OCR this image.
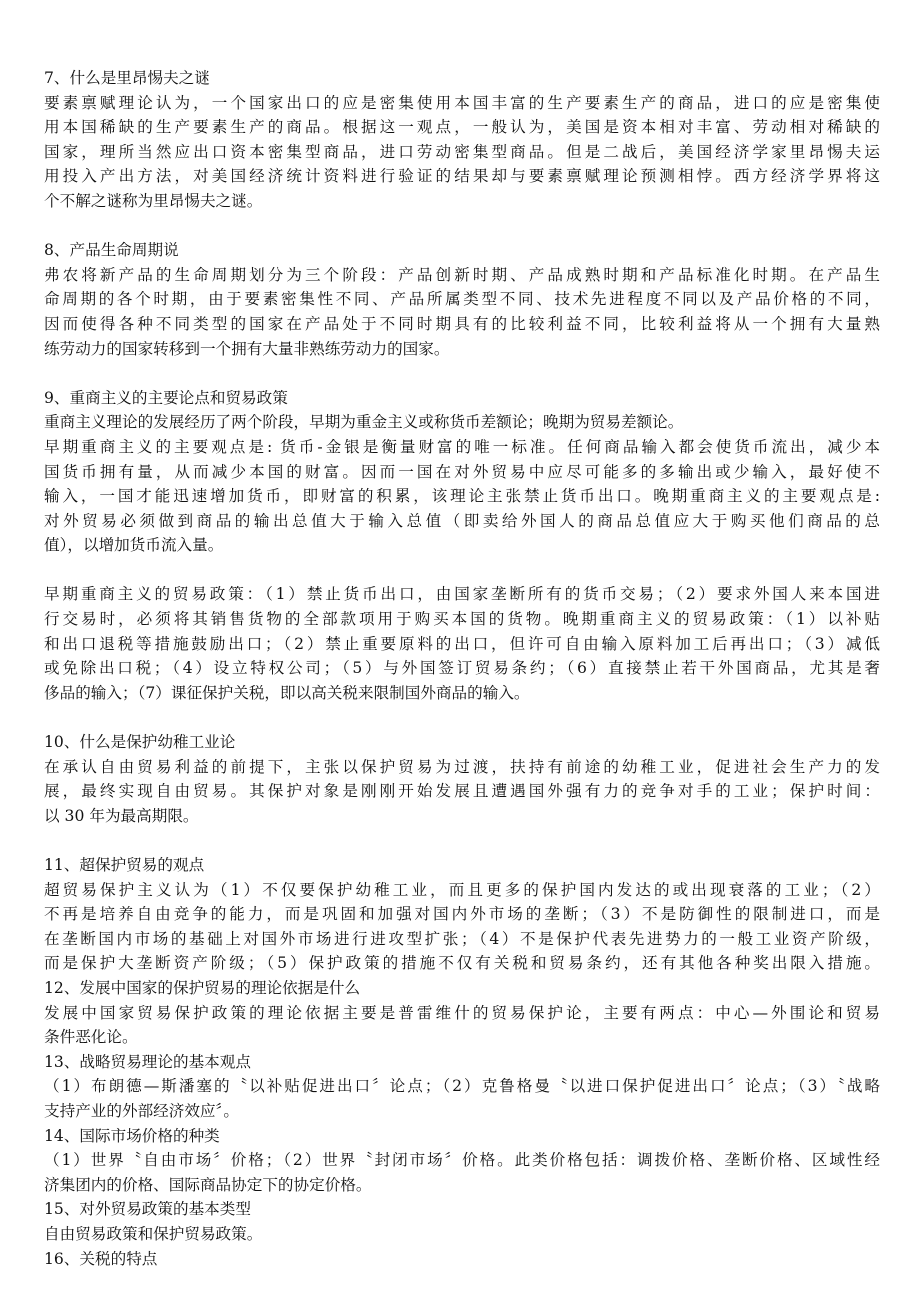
7、什么是里昂惕夫之谜
要素禀赋理论认为，一个国家出口的应是密集使用本国丰富的生产要素生产的商品，进口的应是密集使
用本国稀缺的生产要素生产的商品。根据这一观点，一般认为，美国是资本相对丰富、劳动相对稀缺的
国家，理所当然应出口资本密集型商品，进口劳动密集型商品。但是二战后，美国经济学家里昂惕夫运
用投入产出方法，对美国经济统计资料进行验证的结果却与要素禀赋理论预测相悖。西方经济学界将这
个不解之谜称为里昂惕夫之谜。
8、产品生命周期说
弗农将新产品的生命周期划分为三个阶段：产品创新时期、产品成熟时期和产品标准化时期。在产品生
命周期的各个时期，由于要素密集性不同、产品所属类型不同、技术先进程度不同以及产品价格的不同，
因而使得各种不同类型的国家在产品处于不同时期具有的比较利益不同，比较利益将从一个拥有大量熟
练劳动力的国家转移到一个拥有大量非熟练劳动力的国家。
9、重商主义的主要论点和贸易政策
重商主义理论的发展经历了两个阶段，早期为重金主义或称货币差额论；晚期为贸易差额论。
早期重商主义的主要观点是: 货币-金银是衡量财富的唯一标准。任何商品输入都会使货币流出，减少本
国货币拥有量，从而减少本国的财富。因而一国在对外贸易中应尽可能多的多输出或少输入，最好使不
输入，一国才能迅速增加货币，即财富的积累，该理论主张禁止货币出口。晚期重商主义的主要观点是:
对外贸易必须做到商品的输出总值大于输入总值（即卖给外国人的商品总值应大于购买他们商品的总
值），以增加货币流入量。
早期重商主义的贸易政策：（1）禁止货币出口，由国家垄断所有的货币交易；（2）要求外国人来本国进
行交易时，必须将其销售货物的全部款项用于购买本国的货物。晚期重商主义的贸易政策：（1）以补贴
和出口退税等措施鼓励出口；（2）禁止重要原料的出口，但许可自由输入原料加工后再出口；（3）减低
或免除出口税；（4）设立特权公司；（5）与外国签订贸易条约；（6）直接禁止若干外国商品，尤其是奢
侈品的输入；（7）课征保护关税，即以高关税来限制国外商品的输入。
10、什么是保护幼稚工业论
在承认自由贸易利益的前提下，主张以保护贸易为过渡，扶持有前途的幼稚工业，促进社会生产力的发
展，最终实现自由贸易。其保护对象是刚刚开始发展且遭遇国外强有力的竞争对手的工业；保护时间：
以 30 年为最高期限。
11、超保护贸易的观点
超贸易保护主义认为（1）不仅要保护幼稚工业，而且更多的保护国内发达的或出现衰落的工业；（2）
不再是培养自由竞争的能力，而是巩固和加强对国内外市场的垄断；（3）不是防御性的限制进口，而是
在垄断国内市场的基础上对国外市场进行进攻型扩张；（4）不是保护代表先进势力的一般工业资产阶级，
而是保护大垄断资产阶级；（5）保护政策的措施不仅有关税和贸易条约，还有其他各种奖出限入措施。
12、发展中国家的保护贸易的理论依据是什么
发展中国家贸易保护政策的理论依据主要是普雷维什的贸易保护论，主要有两点：中心—外围论和贸易
条件恶化论。
13、战略贸易理论的基本观点
（1）布朗德—斯潘塞的〝以补贴促进出口〞论点；（2）克鲁格曼〝以进口保护促进出口〞论点；（3）〝战略
支持产业的外部经济效应〞。
14、国际市场价格的种类
（1）世界〝自由市场〞价格；（2）世界〝封闭市场〞价格。此类价格包括：调拨价格、垄断价格、区域性经
济集团内的价格、国际商品协定下的协定价格。
15、对外贸易政策的基本类型
自由贸易政策和保护贸易政策。
16、关税的特点
